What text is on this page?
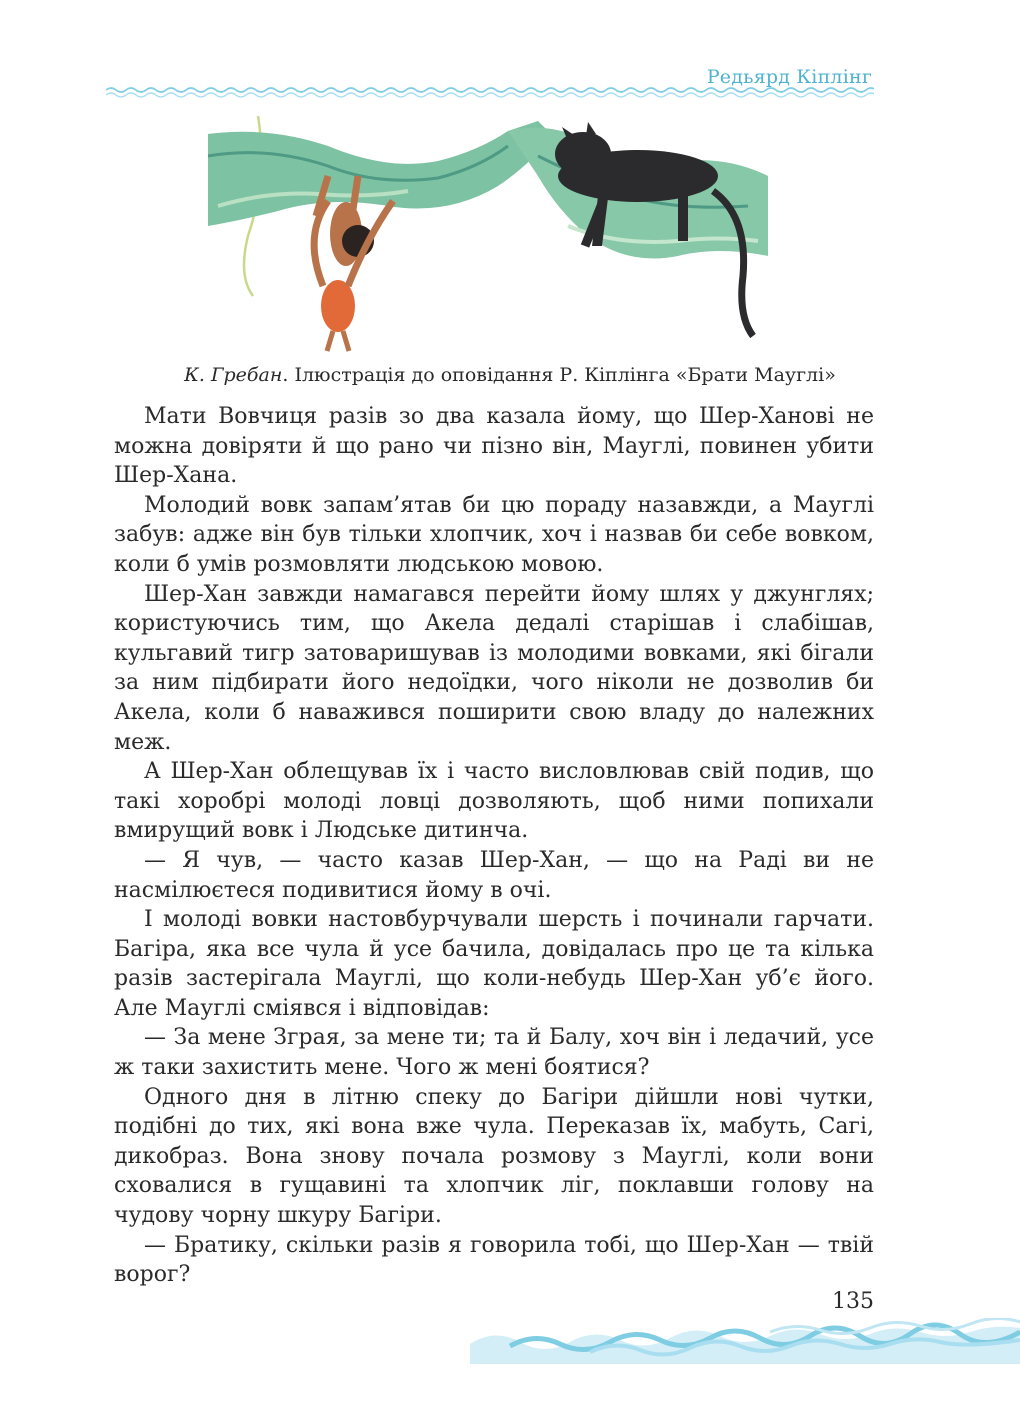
Редьярд Кіплінг
К. Гребан. Ілюстрація до оповідання Р. Кіплінга «Брати Мауглі»

Мати Вовчиця разів зо два казала йому, що Шер-Ханові не можна довіряти й що рано чи пізно він, Мауглі, повинен убити Шер-Хана.

Молодий вовк запам’ятав би цю пораду назавжди, а Мауглі забув: адже він був тільки хлопчик, хоч і назвав би себе вовком, коли б умів розмовляти людською мовою.

Шер-Хан завжди намагався перейти йому шлях у джунглях; користуючись тим, що Акела дедалі старішав і слабішав, кульгавий тигр затоваришував із молодими вовками, які бігали за ним підбирати його недоїдки, чого ніколи не дозволив би Акела, коли б наважився поширити свою владу до належних меж.

А Шер-Хан облещував їх і часто висловлював свій подив, що такі хоробрі молоді ловці дозволяють, щоб ними попихали вмирущий вовк і Людське дитинча.

— Я чув, — часто казав Шер-Хан, — що на Раді ви не насмілюєтеся подивитися йому в очі.

І молоді вовки настовбурчували шерсть і починали гарчати. Багіра, яка все чула й усе бачила, довідалась про це та кілька разів застерігала Мауглі, що коли-небудь Шер-Хан уб’є його. Але Мауглі сміявся і відповідав:

— За мене Зграя, за мене ти; та й Балу, хоч він і ледачий, усе ж таки захистить мене. Чого ж мені боятися?

Одного дня в літню спеку до Багіри дійшли нові чутки, подібні до тих, які вона вже чула. Переказав їх, мабуть, Сагі, дикобраз. Вона знову почала розмову з Мауглі, коли вони сховалися в гущавині та хлопчик ліг, поклавши голову на чудову чорну шкуру Багіри.

— Братику, скільки разів я говорила тобі, що Шер-Хан — твій ворог?

135
